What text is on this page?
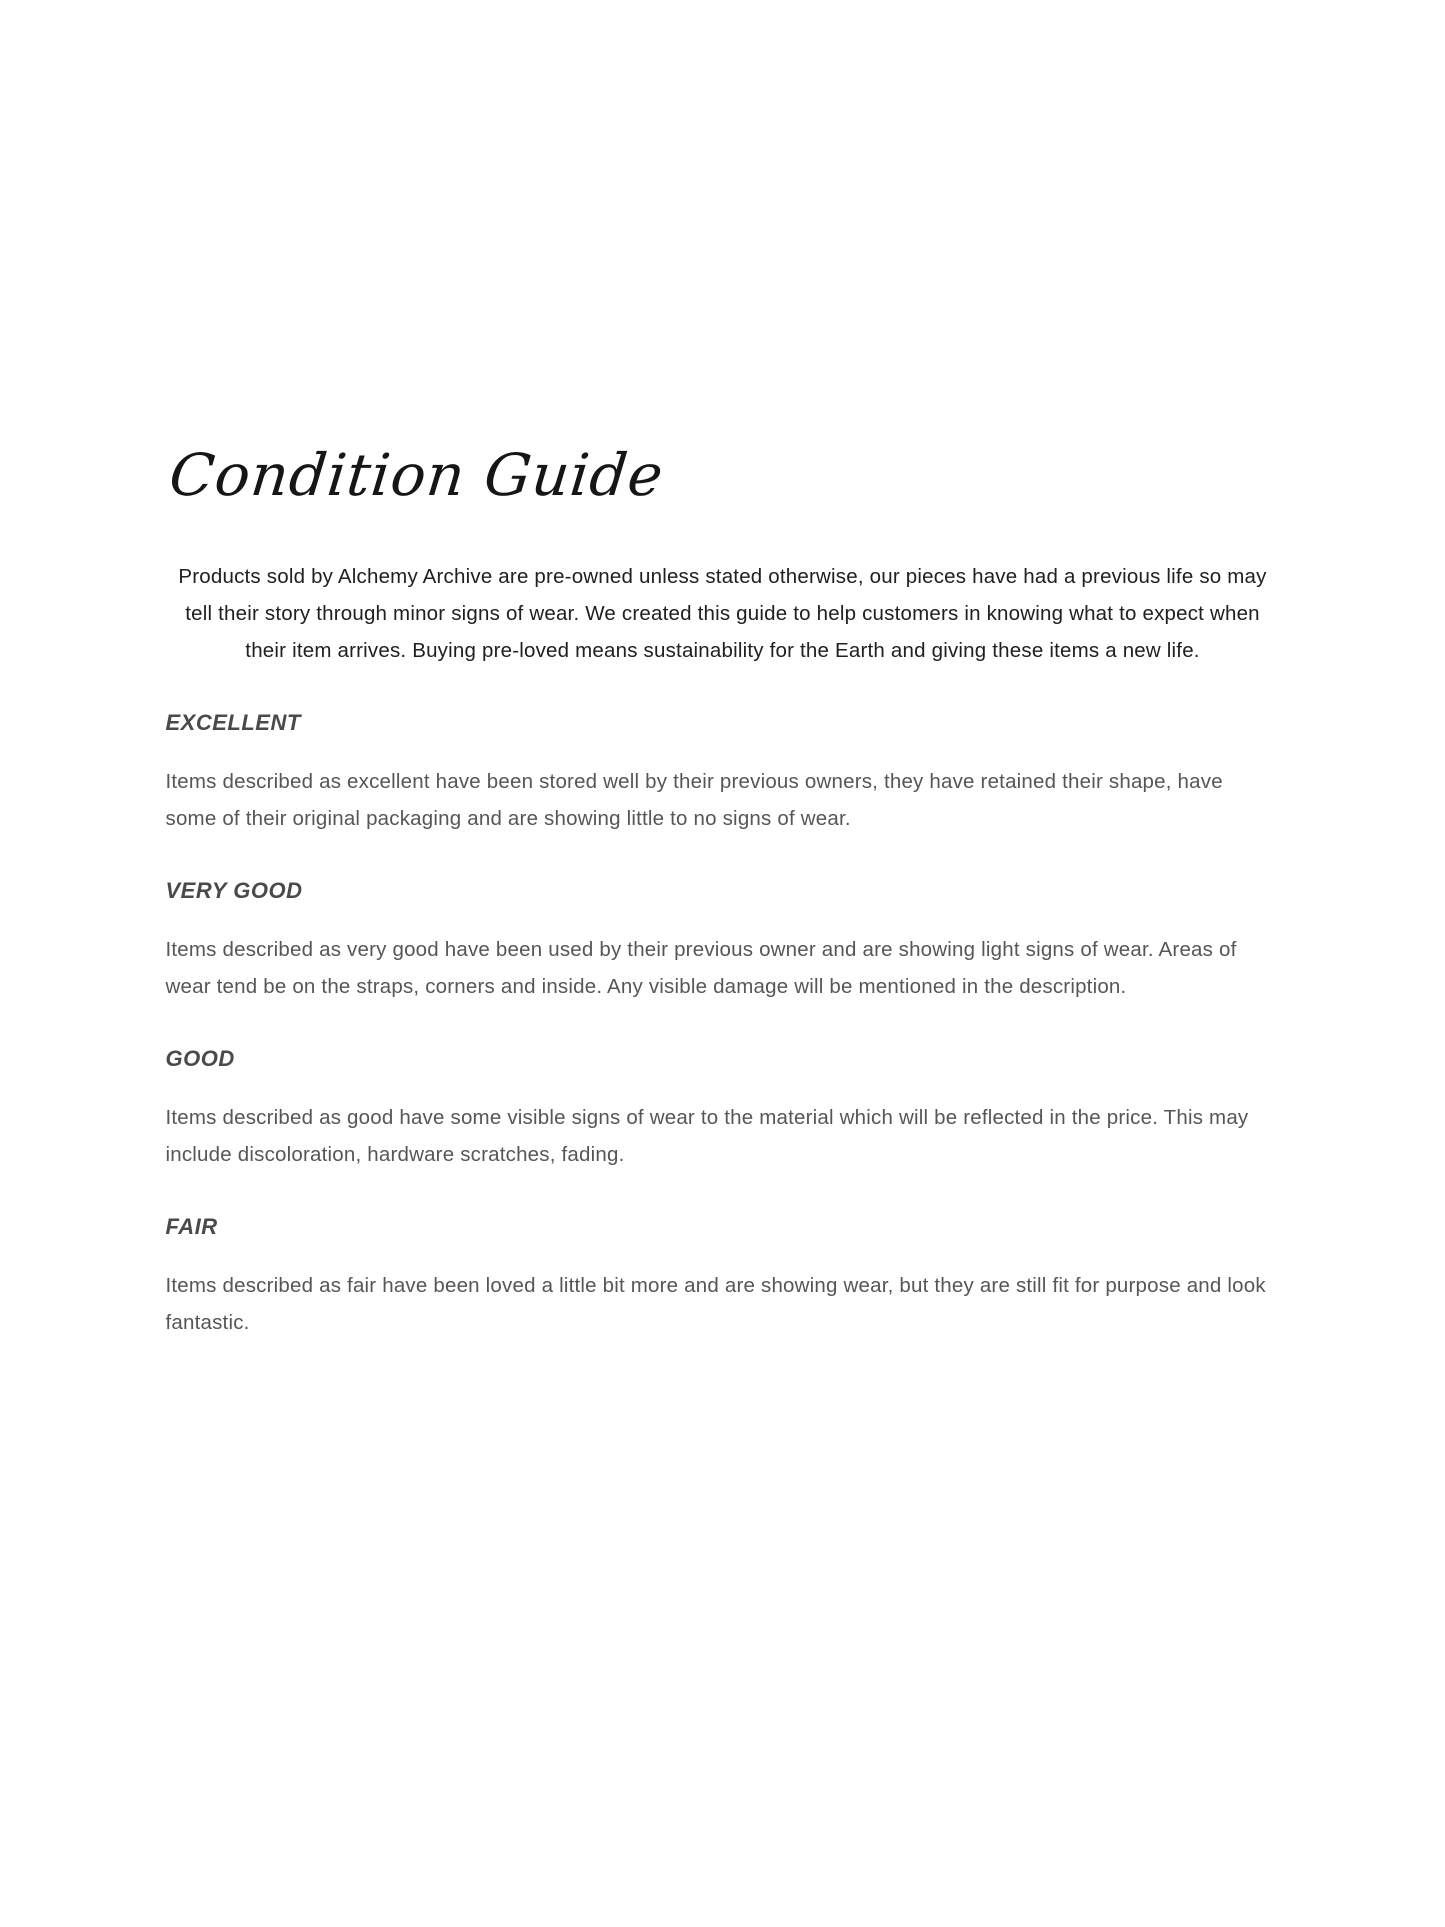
Condition Guide

Products sold by Alchemy Archive are pre-owned unless stated otherwise, our pieces have had a previous life so may tell their story through minor signs of wear. We created this guide to help customers in knowing what to expect when their item arrives. Buying pre-loved means sustainability for the Earth and giving these items a new life.

EXCELLENT

Items described as excellent have been stored well by their previous owners, they have retained their shape, have some of their original packaging and are showing little to no signs of wear.

VERY GOOD

Items described as very good have been used by their previous owner and are showing light signs of wear. Areas of wear tend be on the straps, corners and inside. Any visible damage will be mentioned in the description.

GOOD

Items described as good have some visible signs of wear to the material which will be reflected in the price. This may include discoloration, hardware scratches, fading.

FAIR

Items described as fair have been loved a little bit more and are showing wear, but they are still fit for purpose and look fantastic.
